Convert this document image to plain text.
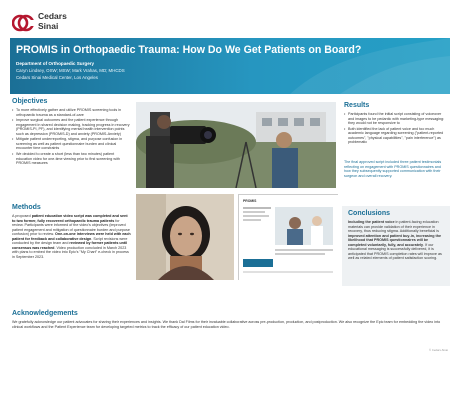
Cedars
Sinai
PROMIS in Orthopaedic Trauma: How Do We Get Patients on Board?
Department of Orthopaedic Surgery
Caryn Lindsey, OSW; MSW; Mark Vrahas, MD; MHCDS
Cedars Sinai Medical Center, Los Angeles
Objectives
• To more effectively gather and utilize PROMIS screening tools in orthopaedic trauma as a standard-of-care
• Improve surgical outcomes and the patient experience through engagement in shared decision making, tracking progress in recovery (PROMIS-PI, PF), and identifying mental health intervention points such as depression (PROMIS-D) and anxiety (PROMIS-Anxiety)
• Mitigate patient underreporting, stigma, and purpose confusion in screening as well as patient questionnaire burden and clinical encounter time constraints
• We decided to create a short (less than two minutes) patient education video for one-time viewing prior to first screening with PROMIS measures
Methods

A proposed patient education video script was completed and sent to two former, fully recovered orthopaedic trauma patients for review. Participants were informed of the video's objectives (improved patient engagement and mitigation of questionnaire burden and purpose confusion) prior to review. One-on-one interviews were held with each patient for feedback and collaborative design. Script revisions were conducted by the design team and reviewed by former patients until consensus was reached. Video production concluded in March 2023 with plans to embed the video into Epic's "My Chart" e-check in process in September 2023.

PROMIS
Results
• Participants found the initial script consisting of voiceover and images to be pedantic with marketing-type messaging: they would not be responsive to
• Both identified the lack of patient voice and too much academic language regarding screening ("patient-reported outcomes", "physical capabilities", "pain interference") as problematic

The final approved script included three patient testimonials reflecting on engagement with PROMIS questionnaires and how they subsequently supported communication with their surgeon and overall recovery.

Conclusions

Including the patient voice in patient-facing education materials can provide validation of their experience in recovery, thus reducing stigma. Additionally beneficial is improved attention and patient buy-in, increasing the likelihood that PROMIS questionnaires will be completed voluntarily, fully, and accurately. If our educational messaging is successfully delivered, it is anticipated that PROMIS completion rates will improve as well as related elements of patient satisfaction scoring.

Acknowledgements

We gratefully acknowledge our patient advocates for sharing their experiences and insights. We thank Dal Films for their invaluable collaborative across pre-production, production, and postproduction. We also recognize the Epic team for embedding the video into clinical workflows and the Patient Experience team for developing targeted metrics to track the efficacy of our patient education video.

© Cedars-Sinai
